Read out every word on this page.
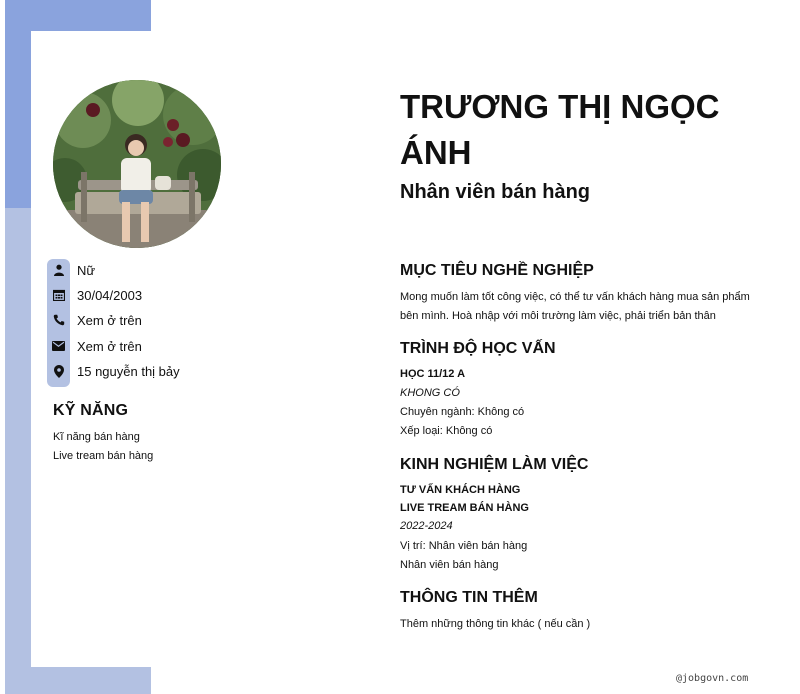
Nữ
30/04/2003
Xem ở trên
Xem ở trên
15 nguyễn thị bảy
KỸ NĂNG
Kĩ năng bán hàng
Live tream bán hàng
TRƯƠNG THỊ NGỌC ÁNH
Nhân viên bán hàng
MỤC TIÊU NGHỀ NGHIỆP
Mong muốn làm tốt công việc, có thể tư vấn khách hàng mua sản phẩm
bên mình. Hoà nhập với môi trường làm việc, phải triển bản thân
TRÌNH ĐỘ HỌC VẤN
HỌC 11/12 A
KHONG CÓ
Chuyên ngành: Không có
Xếp loại: Không có
KINH NGHIỆM LÀM VIỆC
TƯ VẤN KHÁCH HÀNG
LIVE TREAM BÁN HÀNG
2022-2024
Vị trí: Nhân viên bán hàng
Nhân viên bán hàng
THÔNG TIN THÊM
Thêm những thông tin khác ( nếu cần )
@jobgovn.com
